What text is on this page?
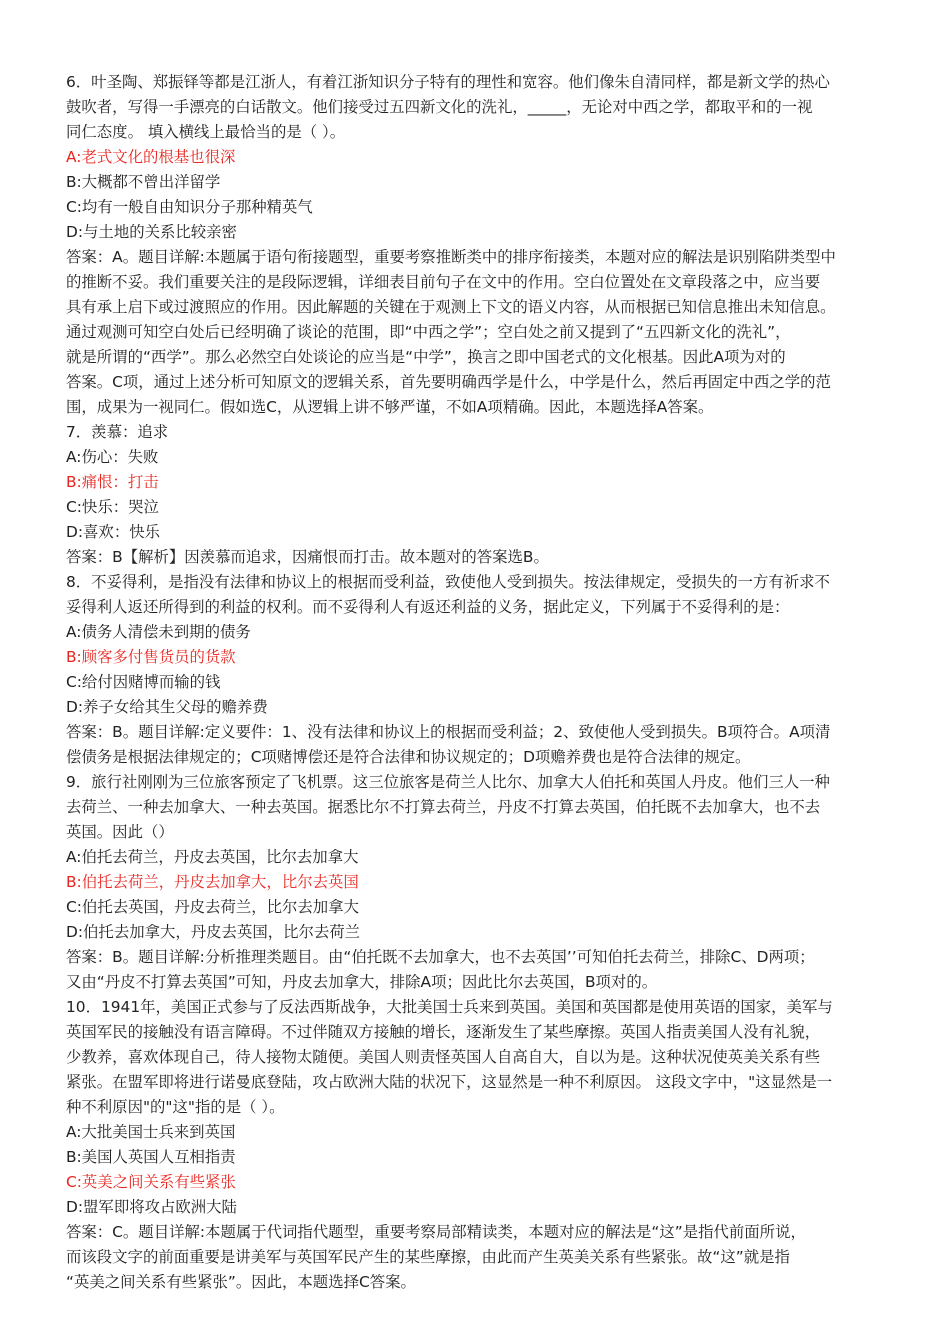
6．叶圣陶、郑振铎等都是江浙人，有着江浙知识分子特有的理性和宽容。他们像朱自清同样，都是新文学的热心
鼓吹者，写得一手漂亮的白话散文。他们接受过五四新文化的洗礼，_____，无论对中西之学，都取平和的一视
同仁态度。 填入横线上最恰当的是（ ）。
A:老式文化的根基也很深
B:大概都不曾出洋留学
C:均有一般自由知识分子那种精英气
D:与土地的关系比较亲密
答案：A。题目详解:本题属于语句衔接题型，重要考察推断类中的排序衔接类，本题对应的解法是识别陷阱类型中
的推断不妥。我们重要关注的是段际逻辑，详细表目前句子在文中的作用。空白位置处在文章段落之中，应当要
具有承上启下或过渡照应的作用。因此解题的关键在于观测上下文的语义内容，从而根据已知信息推出未知信息。
通过观测可知空白处后已经明确了谈论的范围，即“中西之学”；空白处之前又提到了“五四新文化的洗礼”，
就是所谓的“西学”。那么必然空白处谈论的应当是“中学”，换言之即中国老式的文化根基。因此A项为对的
答案。C项，通过上述分析可知原文的逻辑关系，首先要明确西学是什么，中学是什么，然后再固定中西之学的范
围，成果为一视同仁。假如选C，从逻辑上讲不够严谨，不如A项精确。因此，本题选择A答案。
7．羡慕：追求
A:伤心：失败
B:痛恨：打击
C:快乐：哭泣
D:喜欢：快乐
答案：B【解析】因羡慕而追求，因痛恨而打击。故本题对的答案选B。
8．不妥得利，是指没有法律和协议上的根据而受利益，致使他人受到损失。按法律规定，受损失的一方有祈求不
妥得利人返还所得到的利益的权利。而不妥得利人有返还利益的义务，据此定义，下列属于不妥得利的是：
A:债务人清偿未到期的债务
B:顾客多付售货员的货款
C:给付因赌博而输的钱
D:养子女给其生父母的赡养费
答案：B。题目详解:定义要件：1、没有法律和协议上的根据而受利益；2、致使他人受到损失。B项符合。A项清
偿债务是根据法律规定的；C项赌博偿还是符合法律和协议规定的；D项赡养费也是符合法律的规定。
9．旅行社刚刚为三位旅客预定了飞机票。这三位旅客是荷兰人比尔、加拿大人伯托和英国人丹皮。他们三人一种
去荷兰、一种去加拿大、一种去英国。据悉比尔不打算去荷兰，丹皮不打算去英国，伯托既不去加拿大，也不去
英国。因此（）
A:伯托去荷兰，丹皮去英国，比尔去加拿大
B:伯托去荷兰，丹皮去加拿大，比尔去英国
C:伯托去英国，丹皮去荷兰，比尔去加拿大
D:伯托去加拿大，丹皮去英国，比尔去荷兰
答案：B。题目详解:分析推理类题目。由“伯托既不去加拿大，也不去英国’’可知伯托去荷兰，排除C、D两项；
又由“丹皮不打算去英国”可知，丹皮去加拿大，排除A项；因此比尔去英国，B项对的。
10．1941年，美国正式参与了反法西斯战争，大批美国士兵来到英国。美国和英国都是使用英语的国家，美军与
英国军民的接触没有语言障碍。不过伴随双方接触的增长，逐渐发生了某些摩擦。英国人指责美国人没有礼貌，
少教养，喜欢体现自己，待人接物太随便。美国人则责怪英国人自高自大，自以为是。这种状况使英美关系有些
紧张。在盟军即将进行诺曼底登陆，攻占欧洲大陆的状况下，这显然是一种不利原因。 这段文字中，"这显然是一
种不利原因"的"这"指的是（ ）。
A:大批美国士兵来到英国
B:美国人英国人互相指责
C:英美之间关系有些紧张
D:盟军即将攻占欧洲大陆
答案：C。题目详解:本题属于代词指代题型，重要考察局部精读类，本题对应的解法是“这”是指代前面所说，
而该段文字的前面重要是讲美军与英国军民产生的某些摩擦，由此而产生英美关系有些紧张。故“这”就是指
“英美之间关系有些紧张”。因此，本题选择C答案。
